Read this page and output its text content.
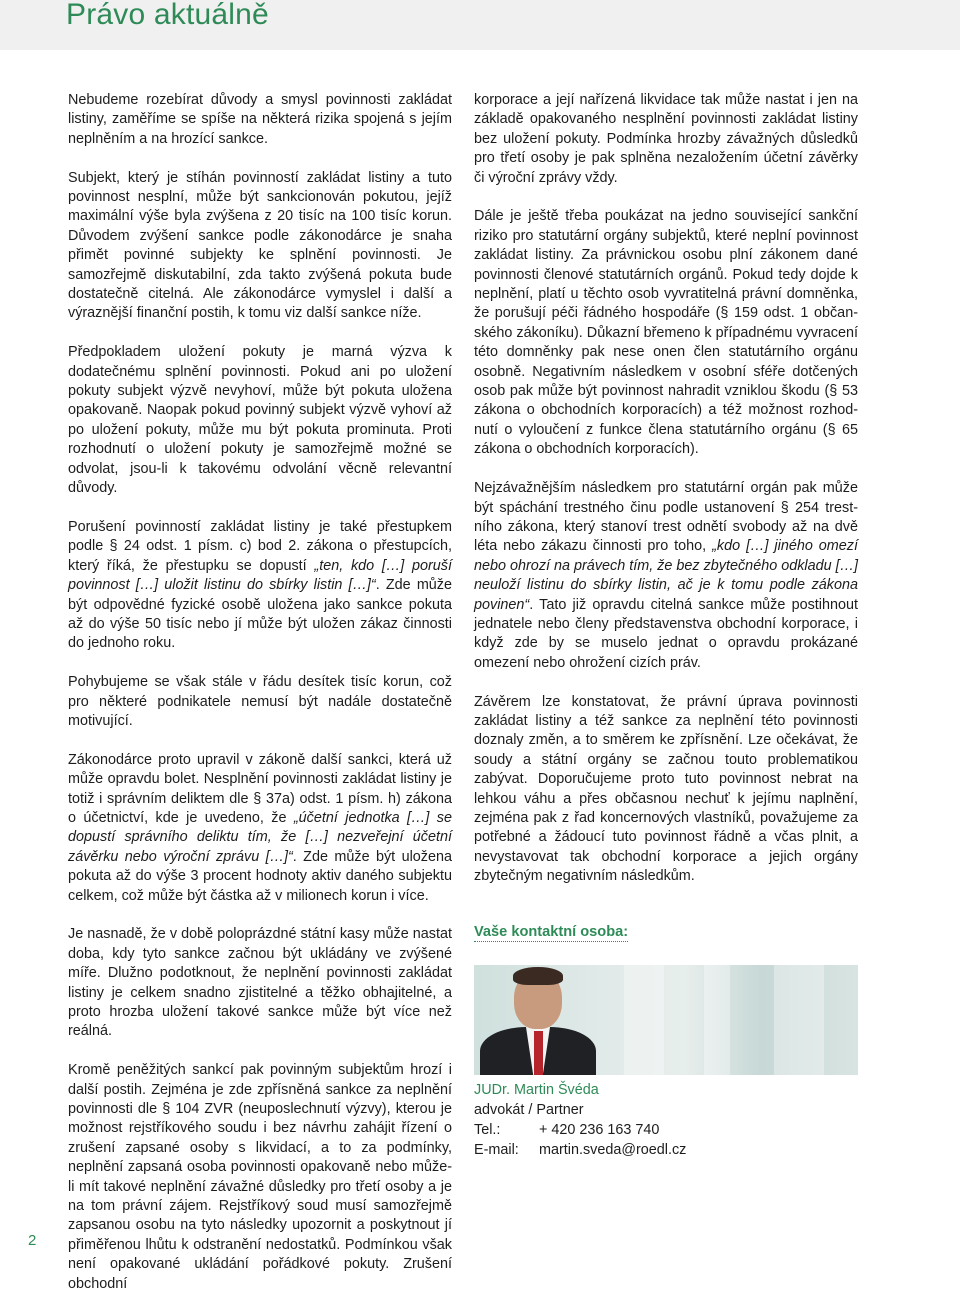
Právo aktuálně

Nebudeme rozebírat důvody a smysl povinnosti zakládat listiny, zaměříme se spíše na některá rizika spojená s jejím neplněním a na hrozící sankce.

Subjekt, který je stíhán povinností zakládat listiny a tuto povinnost nesplní, může být sankcionován pokutou, jejíž maximální výše byla zvýšena z 20 tisíc na 100 tisíc korun. Důvodem zvýšení sankce podle zákonodárce je snaha přimět povinné subjekty ke splnění povinnosti. Je samozřejmě diskutabilní, zda takto zvýšená pokuta bude dostatečně citelná. Ale zákonodárce vymyslel i další a výraznější finanční postih, k tomu viz další sankce níže.

Předpokladem uložení pokuty je marná výzva k dodatečnému splnění povinnosti. Pokud ani po uložení pokuty subjekt výzvě nevyhoví, může být pokuta uložena opakovaně. Naopak pokud povinný subjekt výzvě vyhoví až po uložení pokuty, může mu být pokuta prominuta. Proti rozhodnutí o uložení pokuty je samozřejmě možné se odvolat, jsou-li k takovému odvolání věcně relevantní důvody.

Porušení povinností zakládat listiny je také přestupkem podle § 24 odst. 1 písm. c) bod 2. zákona o přestupcích, který říká, že přestupku se dopustí „ten, kdo […] poruší povinnost […] uložit listinu do sbírky listin […]“. Zde může být odpovědné fyzické osobě uložena jako sankce pokuta až do výše 50 tisíc nebo jí může být uložen zákaz činnosti do jednoho roku.

Pohybujeme se však stále v řádu desítek tisíc korun, což pro některé podnikatele nemusí být nadále dostatečně motivující.

Zákonodárce proto upravil v zákoně další sankci, která už může opravdu bolet. Nesplnění povinnosti zakládat listiny je totiž i správním deliktem dle § 37a) odst. 1 písm. h) zákona o účetnictví, kde je uvedeno, že „účetní jednotka […] se dopustí správního deliktu tím, že […] nezveřejní účetní závěrku nebo výroční zprávu […]“. Zde může být uložena pokuta až do výše 3 procent hodnoty aktiv daného subjektu celkem, což může být částka až v milionech korun i více.

Je nasnadě, že v době poloprázdné státní kasy může nastat doba, kdy tyto sankce začnou být ukládány ve zvýšené míře. Dlužno podotknout, že neplnění povinnosti zakládat listiny je celkem snadno zjistitelné a těžko obhajitelné, a proto hrozba uložení takové sankce může být více než reálná.

Kromě peněžitých sankcí pak povinným subjektům hrozí i další postih. Zejména je zde zpřísněná sankce za neplnění povinnosti dle § 104 ZVR (neuposlechnutí výzvy), kterou je možnost rejstříkového soudu i bez návrhu zahájit řízení o zrušení zapsané osoby s likvidací, a to za podmínky, neplnění zapsaná osoba povinnosti opakovaně nebo může-li mít takové neplnění závažné důsledky pro třetí osoby a je na tom právní zájem. Rejstříkový soud musí samozřejmě zapsanou osobu na tyto následky upozornit a poskytnout jí přiměřenou lhůtu k odstranění nedostatků. Podmínkou však není opakované ukládání pořádkové pokuty. Zrušení obchodní

korporace a její nařízená likvidace tak může nastat i jen na základě opakovaného nesplnění povinnosti zakládat listiny bez uložení pokuty. Podmínka hrozby závažných důsledků pro třetí osoby je pak splněna nezaložením účetní závěrky či výroční zprávy vždy.

Dále je ještě třeba poukázat na jedno související sankční riziko pro statutární orgány subjektů, které neplní povinnost zakládat listiny. Za právnickou osobu plní zákonem dané povinnosti členové statutárních orgánů. Pokud tedy dojde k neplnění, platí u těchto osob vyvratitelná právní domněnka, že porušují péči řádného hospodáře (§ 159 odst. 1 občanského zákoníku). Důkazní břemeno k případnému vyvracení této domněnky pak nese onen člen statutárního orgánu osobně. Negativním následkem v osobní sféře dotčených osob pak může být povinnost nahradit vzniklou škodu (§ 53 zákona o obchodních korporacích) a též možnost rozhodnutí o vyloučení z funkce člena statutárního orgánu (§ 65 zákona o obchodních korporacích).

Nejzávažnějším následkem pro statutární orgán pak může být spáchání trestného činu podle ustanovení § 254 trestního zákona, který stanoví trest odnětí svobody až na dvě léta nebo zákazu činnosti pro toho, „kdo […] jiného omezí nebo ohrozí na právech tím, že bez zbytečného odkladu […] neuloží listinu do sbírky listin, ač je k tomu podle zákona povinen“. Tato již opravdu citelná sankce může postihnout jednatele nebo členy představenstva obchodní korporace, i když zde by se muselo jednat o opravdu prokázané omezení nebo ohrožení cizích práv.

Závěrem lze konstatovat, že právní úprava povinnosti zakládat listiny a též sankce za neplnění této povinnosti doznaly změn, a to směrem ke zpřísnění. Lze očekávat, že soudy a státní orgány se začnou touto problematikou zabývat. Doporučujeme proto tuto povinnost nebrat na lehkou váhu a přes občasnou nechuť k jejímu naplnění, zejména pak z řad koncernových vlastníků, považujeme za potřebné a žádoucí tuto povinnost řádně a včas plnit, a nevystavovat tak obchodní korporace a jejich orgány zbytečným negativním následkům.

Vaše kontaktní osoba:
JUDr. Martin Švéda
advokát / Partner
Tel.:	+ 420 236 163 740
E-mail:	martin.sveda@roedl.cz
2
